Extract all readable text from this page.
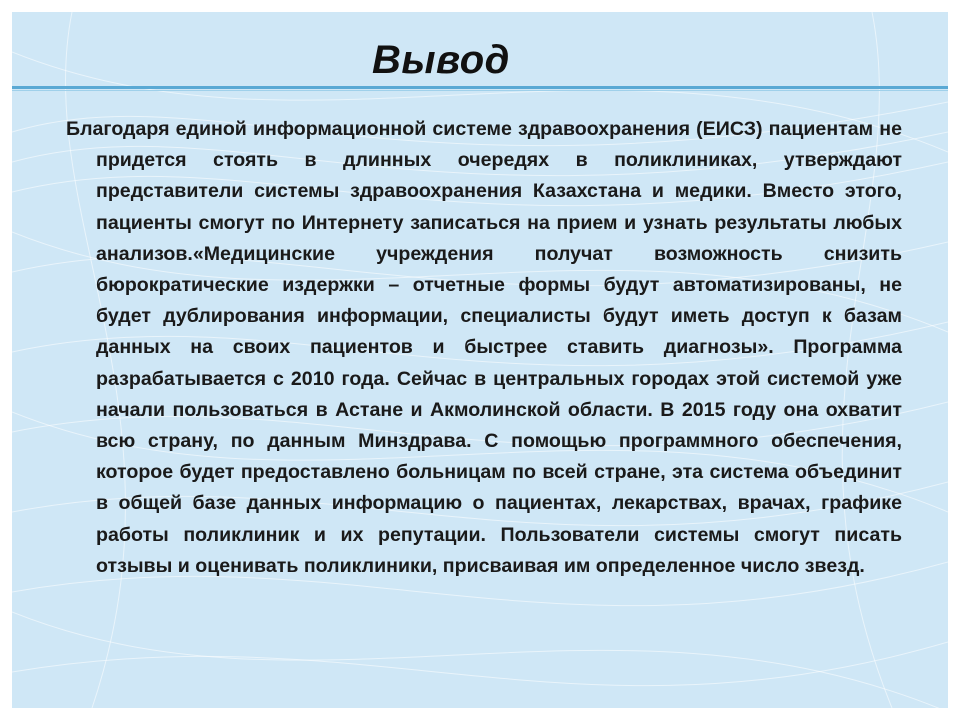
Вывод
Благодаря единой информационной системе здравоохранения (ЕИСЗ) пациентам не придется стоять в длинных очередях в поликлиниках, утверждают представители системы здравоохранения Казахстана и медики. Вместо этого, пациенты смогут по Интернету записаться на прием и узнать результаты любых анализов.«Медицинские учреждения получат возможность снизить бюрократические издержки – отчетные формы будут автоматизированы, не будет дублирования информации, специалисты будут иметь доступ к базам данных на своих пациентов и быстрее ставить диагнозы». Программа разрабатывается с 2010 года. Сейчас в центральных городах этой системой уже начали пользоваться в Астане и Акмолинской области. В 2015 году она охватит всю страну, по данным Минздрава. С помощью программного обеспечения, которое будет предоставлено больницам по всей стране, эта система объединит в общей базе данных информацию о пациентах, лекарствах, врачах, графике работы поликлиник и их репутации. Пользователи системы смогут писать отзывы и оценивать поликлиники, присваивая им определенное число звезд.
